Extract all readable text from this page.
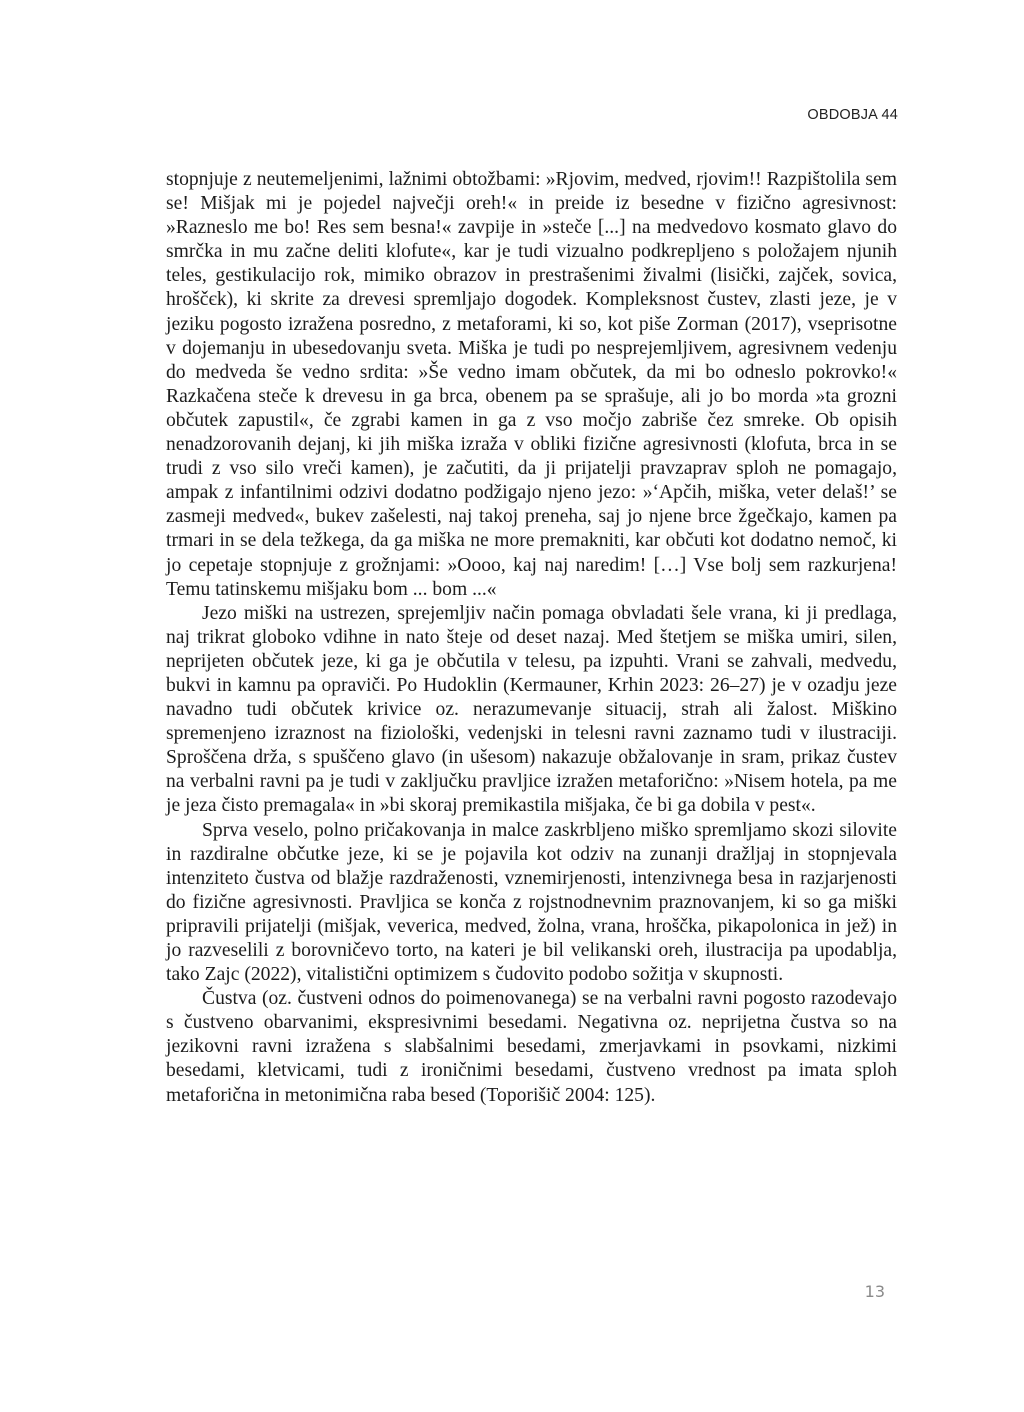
OBDOBJA 44

stopnjuje z neutemeljenimi, lažnimi obtožbami: »Rjovim, medved, rjovim!! Razpištolila sem se! Mišjak mi je pojedel največji oreh!« in preide iz besedne v fizično agresivnost: »Razneslo me bo! Res sem besna!« zavpije in »steče [...] na medvedovo kosmato glavo do smrčka in mu začne deliti klofute«, kar je tudi vizualno podkrepljeno s položajem njunih teles, gestikulacijo rok, mimiko obrazov in prestrašenimi živalmi (lisički, zajček, sovica, hroščєk), ki skrite za drevesi spremljajo dogodek. Kompleksnost čustev, zlasti jeze, je v jeziku pogosto izražena posredno, z metaforami, ki so, kot piše Zorman (2017), vseprisotne v dojemanju in ubesedovanju sveta. Miška je tudi po nesprejemljivem, agresivnem vedenju do medveda še vedno srdita: »Še vedno imam občutek, da mi bo odneslo pokrovko!« Razkačena steče k drevesu in ga brca, obenem pa se sprašuje, ali jo bo morda »ta grozni občutek zapustil«, če zgrabi kamen in ga z vso močjo zabriše čez smreke. Ob opisih nenadzorovanih dejanj, ki jih miška izraža v obliki fizične agresivnosti (klofuta, brca in se trudi z vso silo vreči kamen), je začutiti, da ji prijatelji pravzaprav sploh ne pomagajo, ampak z infantilnimi odzivi dodatno podžigajo njeno jezo: »‘Apčih, miška, veter delaš!’ se zasmeji medved«, bukev zašelesti, naj takoj preneha, saj jo njene brce žgečkajo, kamen pa trmari in se dela težkega, da ga miška ne more premakniti, kar občuti kot dodatno nemoč, ki jo cepetaje stopnjuje z grožnjami: »Oooo, kaj naj naredim! […] Vse bolj sem razkurjena! Temu tatinskemu mišjaku bom ... bom ...«

Jezo miški na ustrezen, sprejemljiv način pomaga obvladati šele vrana, ki ji predlaga, naj trikrat globoko vdihne in nato šteje od deset nazaj. Med štetjem se miška umiri, silen, neprijeten občutek jeze, ki ga je občutila v telesu, pa izpuhti. Vrani se zahvali, medvedu, bukvi in kamnu pa opraviči. Po Hudoklin (Kermauner, Krhin 2023: 26–27) je v ozadju jeze navadno tudi občutek krivice oz. nerazumevanje situacij, strah ali žalost. Miškino spremenjeno izraznost na fiziološki, vedenjski in telesni ravni zaznamo tudi v ilustraciji. Sproščena drža, s spuščeno glavo (in ušesom) nakazuje obžalovanje in sram, prikaz čustev na verbalni ravni pa je tudi v zaključku pravljice izražen metaforično: »Nisem hotela, pa me je jeza čisto premagala« in »bi skoraj premikastila mišjaka, če bi ga dobila v pest«.

Sprva veselo, polno pričakovanja in malce zaskrbljeno miško spremljamo skozi silovite in razdiralne občutke jeze, ki se je pojavila kot odziv na zunanji dražljaj in stopnjevala intenziteto čustva od blažje razdraženosti, vznemirjenosti, intenzivnega besa in razjarjenosti do fizične agresivnosti. Pravljica se konča z rojstnodnevnim praznovanjem, ki so ga miški pripravili prijatelji (mišjak, veverica, medved, žolna, vrana, hroščka, pikapolonica in jež) in jo razveselili z borovničevo torto, na kateri je bil velikanski oreh, ilustracija pa upodablja, tako Zajc (2022), vitalistični optimizem s čudovito podobo sožitja v skupnosti.

Čustva (oz. čustveni odnos do poimenovanega) se na verbalni ravni pogosto razodevajo s čustveno obarvanimi, ekspresivnimi besedami. Negativna oz. neprijetna čustva so na jezikovni ravni izražena s slabšalnimi besedami, zmerjavkami in psovkami, nizkimi besedami, kletvicami, tudi z ironičnimi besedami, čustveno vrednost pa imata sploh metaforična in metonimična raba besed (Toporišič 2004: 125).

13
